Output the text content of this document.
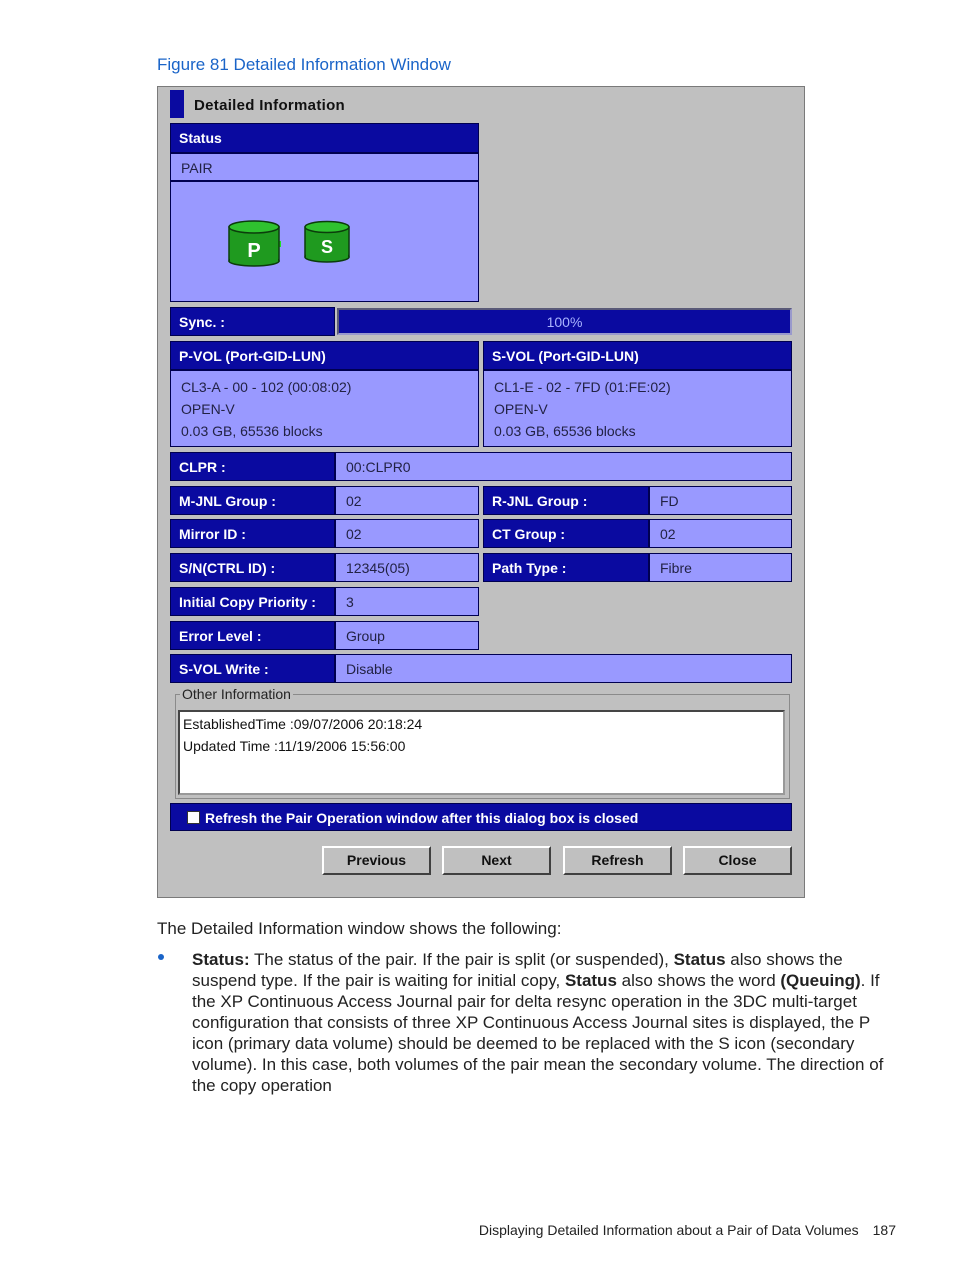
Figure 81 Detailed Information Window
Detailed Information
Status
PAIR
P	S
Sync. :	100%
P-VOL (Port-GID-LUN)
CL3-A - 00 - 102 (00:08:02)
OPEN-V
0.03 GB, 65536 blocks
S-VOL (Port-GID-LUN)
CL1-E - 02 - 7FD (01:FE:02)
OPEN-V
0.03 GB, 65536 blocks
CLPR :	00:CLPR0
M-JNL Group :	02	R-JNL Group :	FD
Mirror ID :	02	CT Group :	02
S/N(CTRL ID) :	12345(05)	Path Type :	Fibre
Initial Copy Priority :	3
Error Level :	Group
S-VOL Write :	Disable
Other Information
EstablishedTime :09/07/2006 20:18:24
Updated Time :11/19/2006 15:56:00
Refresh the Pair Operation window after this dialog box is closed
Previous	Next	Refresh	Close
The Detailed Information window shows the following:
Status: The status of the pair. If the pair is split (or suspended), Status also shows the suspend type. If the pair is waiting for initial copy, Status also shows the word (Queuing). If the XP Continuous Access Journal pair for delta resync operation in the 3DC multi-target configuration that consists of three XP Continuous Access Journal sites is displayed, the P icon (primary data volume) should be deemed to be replaced with the S icon (secondary volume). In this case, both volumes of the pair mean the secondary volume. The direction of the copy operation
Displaying Detailed Information about a Pair of Data Volumes 187
